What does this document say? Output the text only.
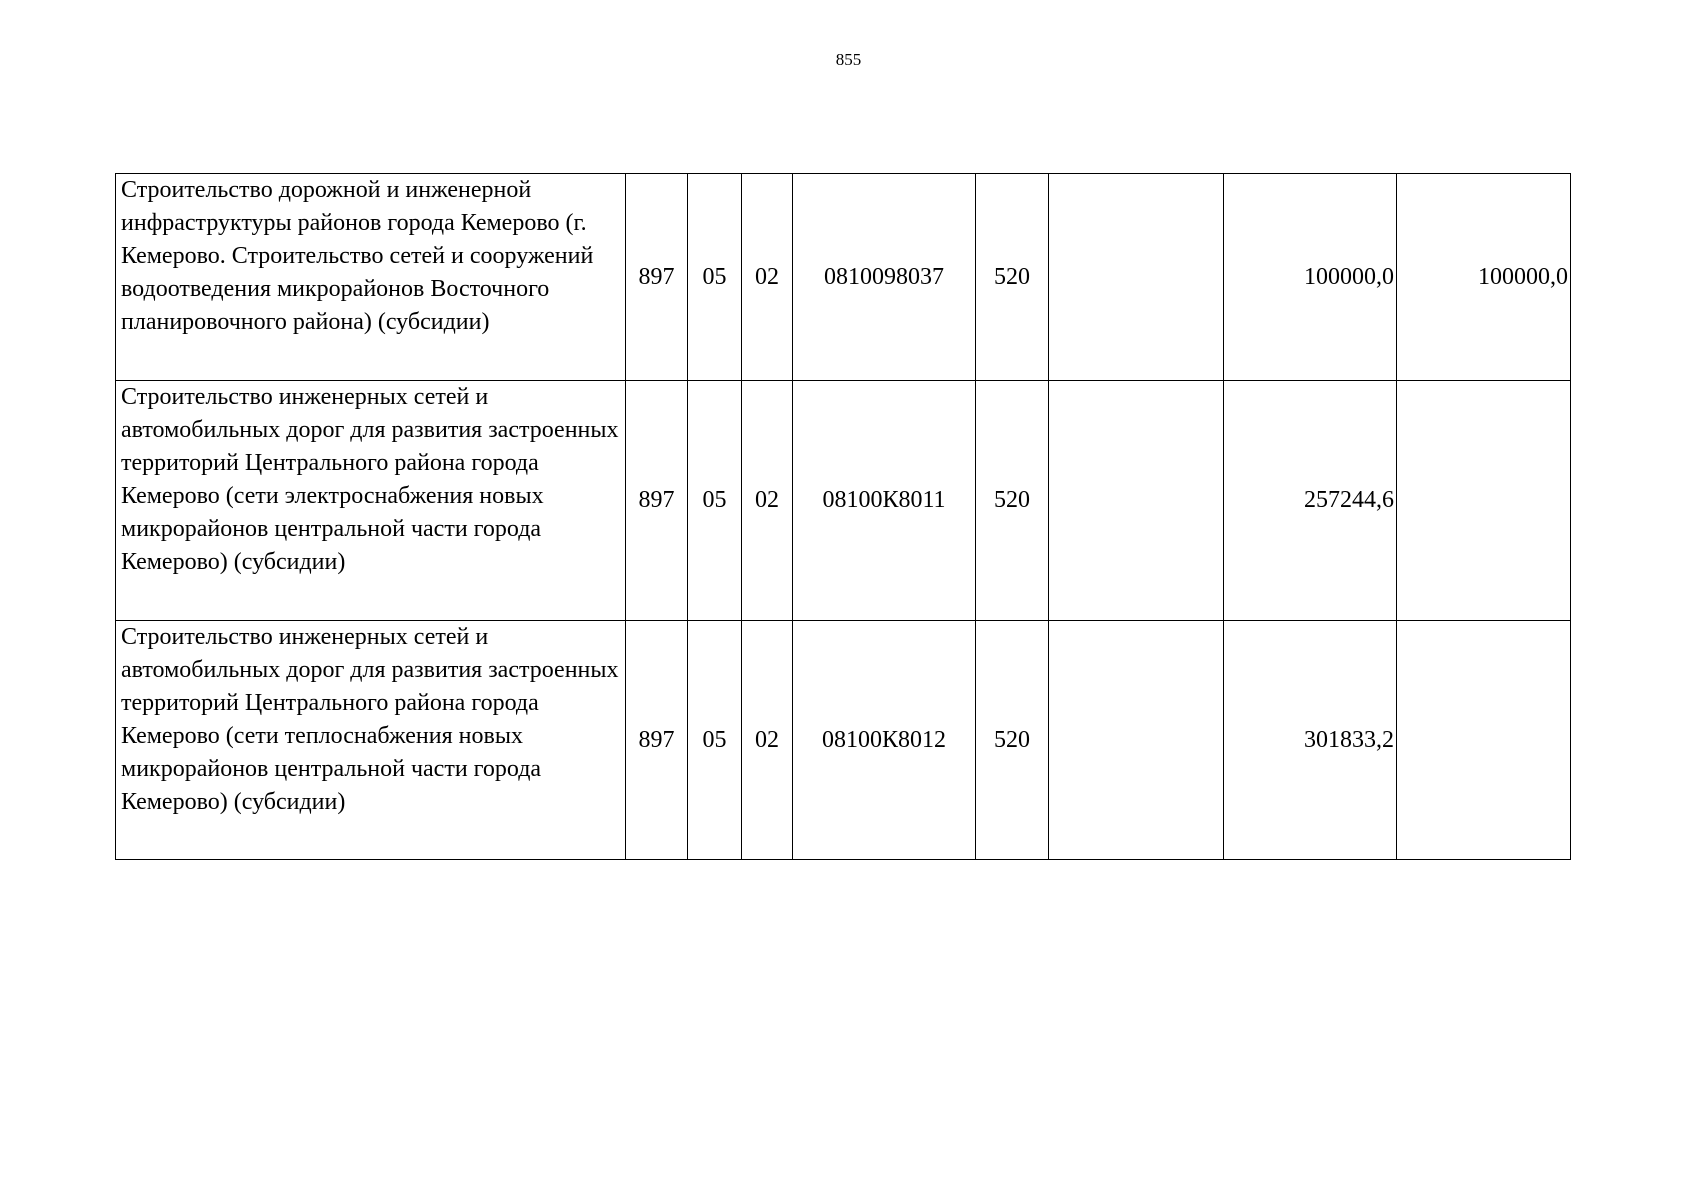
855
Строительство дорожной и инженерной инфраструктуры районов города Кемерово (г. Кемерово. Строительство сетей и сооружений водоотведения микрорайонов Восточного планировочного района) (субсидии)	897	05	02	0810098037	520		100000,0	100000,0
Строительство инженерных сетей и автомобильных дорог для развития застроенных территорий Центрального района города Кемерово (сети электроснабжения новых микрорайонов центральной части города Кемерово) (субсидии)	897	05	02	08100К8011	520		257244,6	
Строительство инженерных сетей и автомобильных дорог для развития застроенных территорий Центрального района города Кемерово (сети теплоснабжения новых микрорайонов центральной части города Кемерово) (субсидии)	897	05	02	08100К8012	520		301833,2	
